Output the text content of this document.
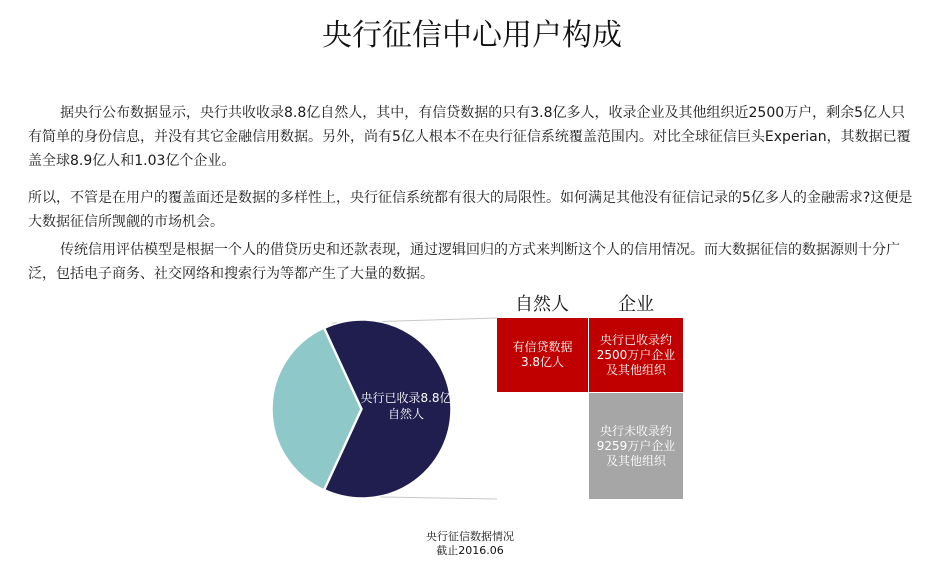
央行征信中心用户构成

据央行公布数据显示，央行共收收录8.8亿自然人，其中，有信贷数据的只有3.8亿多人，收录企业及其他组织近2500万户，剩余5亿人只有简单的身份信息，并没有其它金融信用数据。另外，尚有5亿人根本不在央行征信系统覆盖范围内。对比全球征信巨头Experian，其数据已覆盖全球8.9亿人和1.03亿个企业。

所以，不管是在用户的覆盖面还是数据的多样性上，央行征信系统都有很大的局限性。如何满足其他没有征信记录的5亿多人的金融需求?这便是大数据征信所觊觎的市场机会。

传统信用评估模型是根据一个人的借贷历史和还款表现，通过逻辑回归的方式来判断这个人的信用情况。而大数据征信的数据源则十分广泛，包括电子商务、社交网络和搜索行为等都产生了大量的数据。

央行已收录8.8亿自然人
自然人	企业
有信贷数据3.8亿人
央行已收录约2500万户企业及其他组织
央行未收录约9259万户企业及其他组织
央行征信数据情况
截止2016.06
